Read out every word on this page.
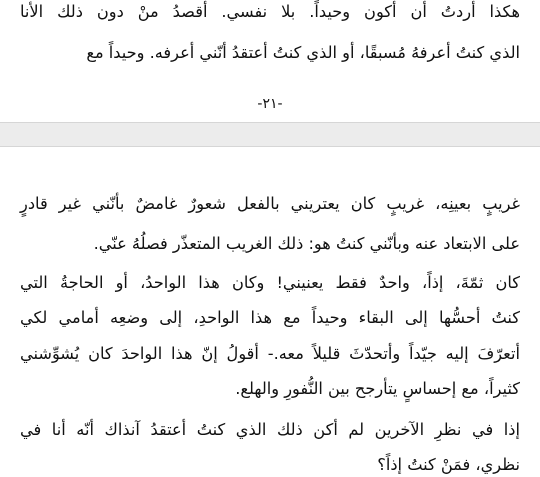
هكذا أردتُ أن أكون وحيداً. بلا نفسي. أقصدُ منْ دون ذلك الأنا
الذي كنتُ أعرفهُ مُسبقًا، أو الذي كنتُ أعتقدُ أنّني أعرفه. وحيداً مع
-٢١-
غريبٍ بعينِه، غريبٍ كان يعتريني بالفعل شعورٌ غامضٌ بأنّني غير قادرٍ
على الابتعاد عنه وبأنّني كنتُ هو: ذلك الغريب المتعذّر فصلُهُ عنّي.
كان ثمّةَ، إذاً، واحدٌ فقط يعنيني! وكان هذا الواحدُ، أو الحاجةُ التي
كنتُ أحسُّها إلى البقاء وحيداً مع هذا الواحدِ، إلى وضعِه أمامي لكي
أتعرّفَ إليه جيّداً وأتحدّثَ قليلاً معه.- أقولُ إنّ هذا الواحدَ كان يُشوِّشني
كثيراً، مع إحساسٍ يتأرجح بين النُّفورِ والهلع.
إذا في نظرِ الآخرين لم أكن ذلك الذي كنتُ أعتقدُ آنذاك أنّه أنا في
نظري، فمَنْ كنتُ إذاً؟
